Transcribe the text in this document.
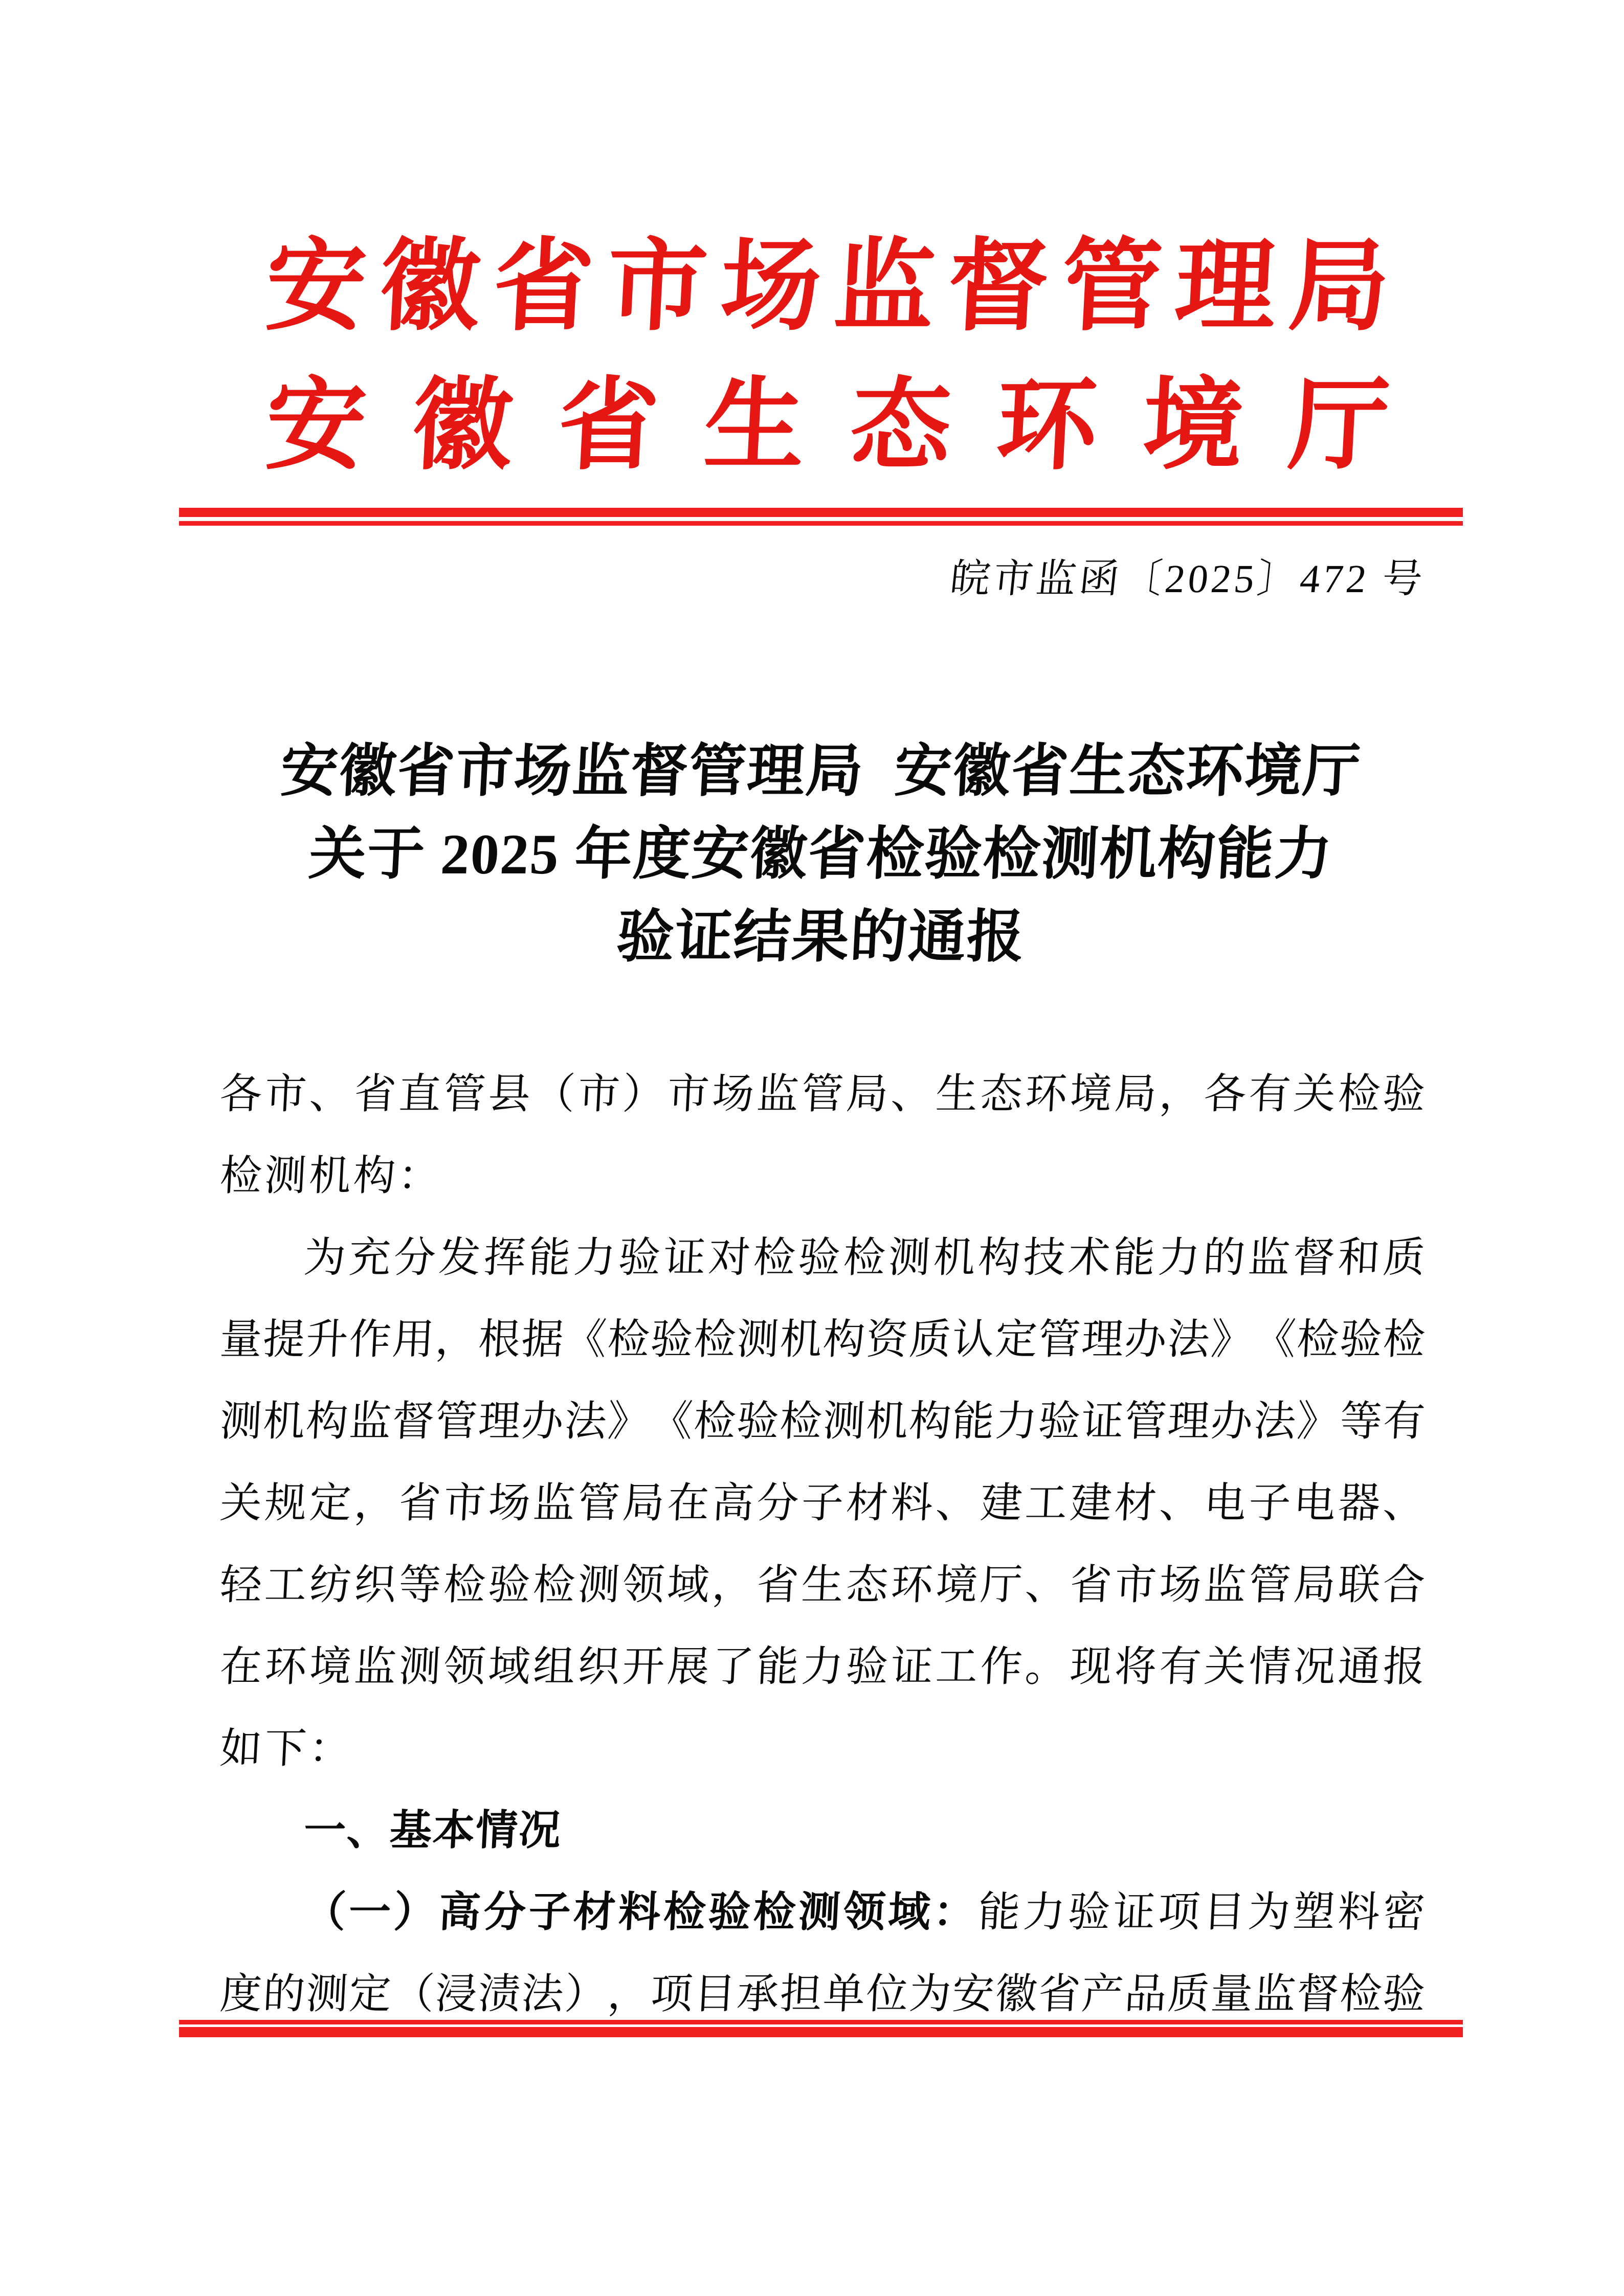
安 徽 省 市 场 监 督 管 理 局
安 徽 省 生 态 环 境 厅
皖市监函〔2025〕472 号
安徽省市场监督管理局  安徽省生态环境厅
关于 2025 年度安徽省检验检测机构能力
验证结果的通报
各 市 、 省 直 管 县 （ 市 ） 市 场 监 管 局 、 生 态 环 境 局 ， 各 有 关 检 验
检测机构：
为 充 分 发 挥 能 力 验 证 对 检 验 检 测 机 构 技 术 能 力 的 监 督 和 质
量
提
升
作
用
，
根
据
《
检
验
检
测
机
构
资
质
认
定
管
理
办
法
》
《
检
验
检
测
机
构
监
督
管
理
办
法
》
《
检
验
检
测
机
构
能
力
验
证
管
理
办
法
》
等
有
关 规 定 ， 省 市 场 监 管 局 在 高 分 子 材 料 、 建 工 建 材 、 电 子 电 器 、
轻 工 纺 织 等 检 验 检 测 领 域 ， 省 生 态 环 境 厅 、 省 市 场 监 管 局 联 合
在 环 境 监 测 领 域 组 织 开 展 了 能 力 验 证 工 作 。 现 将 有 关 情 况 通 报
如下：
一、基本情况
（ 一 ） 高 分 子 材 料 检 验 检 测 领 域 ： 能 力 验 证 项 目 为 塑 料 密
度
的
测
定
（
浸
渍
法
）
，
项
目
承
担
单
位
为
安
徽
省
产
品
质
量
监
督
检
验
